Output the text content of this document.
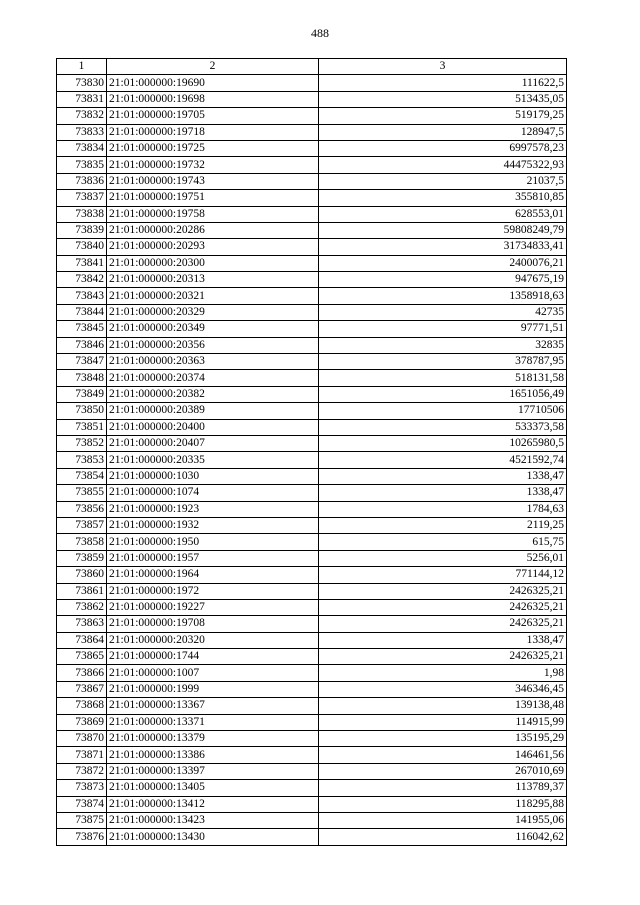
488
1	2	3
73830	21:01:000000:19690	111622,5
73831	21:01:000000:19698	513435,05
73832	21:01:000000:19705	519179,25
73833	21:01:000000:19718	128947,5
73834	21:01:000000:19725	6997578,23
73835	21:01:000000:19732	44475322,93
73836	21:01:000000:19743	21037,5
73837	21:01:000000:19751	355810,85
73838	21:01:000000:19758	628553,01
73839	21:01:000000:20286	59808249,79
73840	21:01:000000:20293	31734833,41
73841	21:01:000000:20300	2400076,21
73842	21:01:000000:20313	947675,19
73843	21:01:000000:20321	1358918,63
73844	21:01:000000:20329	42735
73845	21:01:000000:20349	97771,51
73846	21:01:000000:20356	32835
73847	21:01:000000:20363	378787,95
73848	21:01:000000:20374	518131,58
73849	21:01:000000:20382	1651056,49
73850	21:01:000000:20389	17710506
73851	21:01:000000:20400	533373,58
73852	21:01:000000:20407	10265980,5
73853	21:01:000000:20335	4521592,74
73854	21:01:000000:1030	1338,47
73855	21:01:000000:1074	1338,47
73856	21:01:000000:1923	1784,63
73857	21:01:000000:1932	2119,25
73858	21:01:000000:1950	615,75
73859	21:01:000000:1957	5256,01
73860	21:01:000000:1964	771144,12
73861	21:01:000000:1972	2426325,21
73862	21:01:000000:19227	2426325,21
73863	21:01:000000:19708	2426325,21
73864	21:01:000000:20320	1338,47
73865	21:01:000000:1744	2426325,21
73866	21:01:000000:1007	1,98
73867	21:01:000000:1999	346346,45
73868	21:01:000000:13367	139138,48
73869	21:01:000000:13371	114915,99
73870	21:01:000000:13379	135195,29
73871	21:01:000000:13386	146461,56
73872	21:01:000000:13397	267010,69
73873	21:01:000000:13405	113789,37
73874	21:01:000000:13412	118295,88
73875	21:01:000000:13423	141955,06
73876	21:01:000000:13430	116042,62
